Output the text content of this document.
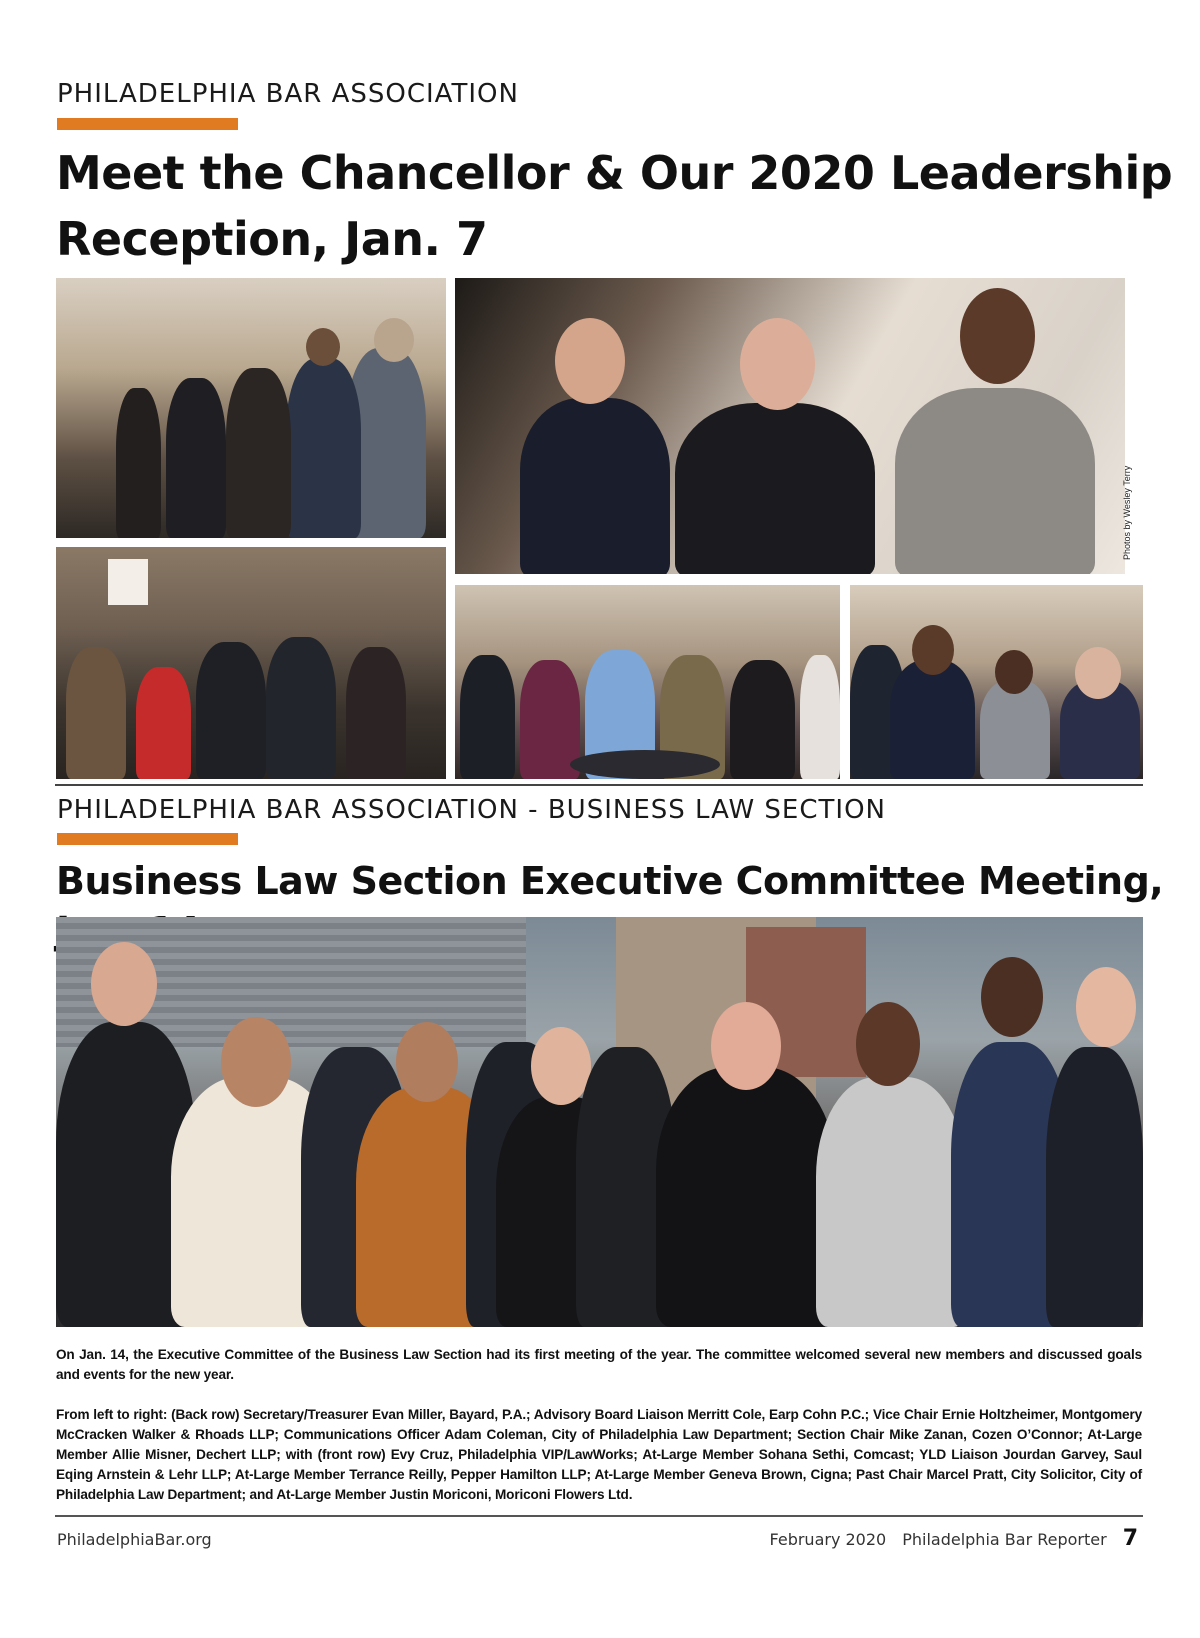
PHILADELPHIA BAR ASSOCIATION
Meet the Chancellor & Our 2020 Leadership
Reception, Jan. 7
Photos by Wesley Terry
PHILADELPHIA BAR ASSOCIATION - BUSINESS LAW SECTION
Business Law Section Executive Committee Meeting,

On Jan. 14, the Executive Committee of the Business Law Section had its first meeting of the year. The committee welcomed several new members and discussed goals and events for the new year.

From left to right: (Back row) Secretary/Treasurer Evan Miller, Bayard, P.A.; Advisory Board Liaison Merritt Cole, Earp Cohn P.C.; Vice Chair Ernie Holtzheimer, Montgomery McCracken Walker & Rhoads LLP; Communications Officer Adam Coleman, City of Philadelphia Law Department; Section Chair Mike Zanan, Cozen O’Connor; At-Large Member Allie Misner, Dechert LLP; with (front row) Evy Cruz, Philadelphia VIP/LawWorks; At-Large Member Sohana Sethi, Comcast; YLD Liaison Jourdan Garvey, Saul Eqing Arnstein & Lehr LLP; At-Large Member Terrance Reilly, Pepper Hamilton LLP; At-Large Member Geneva Brown, Cigna; Past Chair Marcel Pratt, City Solicitor, City of Philadelphia Law Department; and At-Large Member Justin Moriconi, Moriconi Flowers Ltd.

PhiladelphiaBar.org	February 2020 Philadelphia Bar Reporter 7
